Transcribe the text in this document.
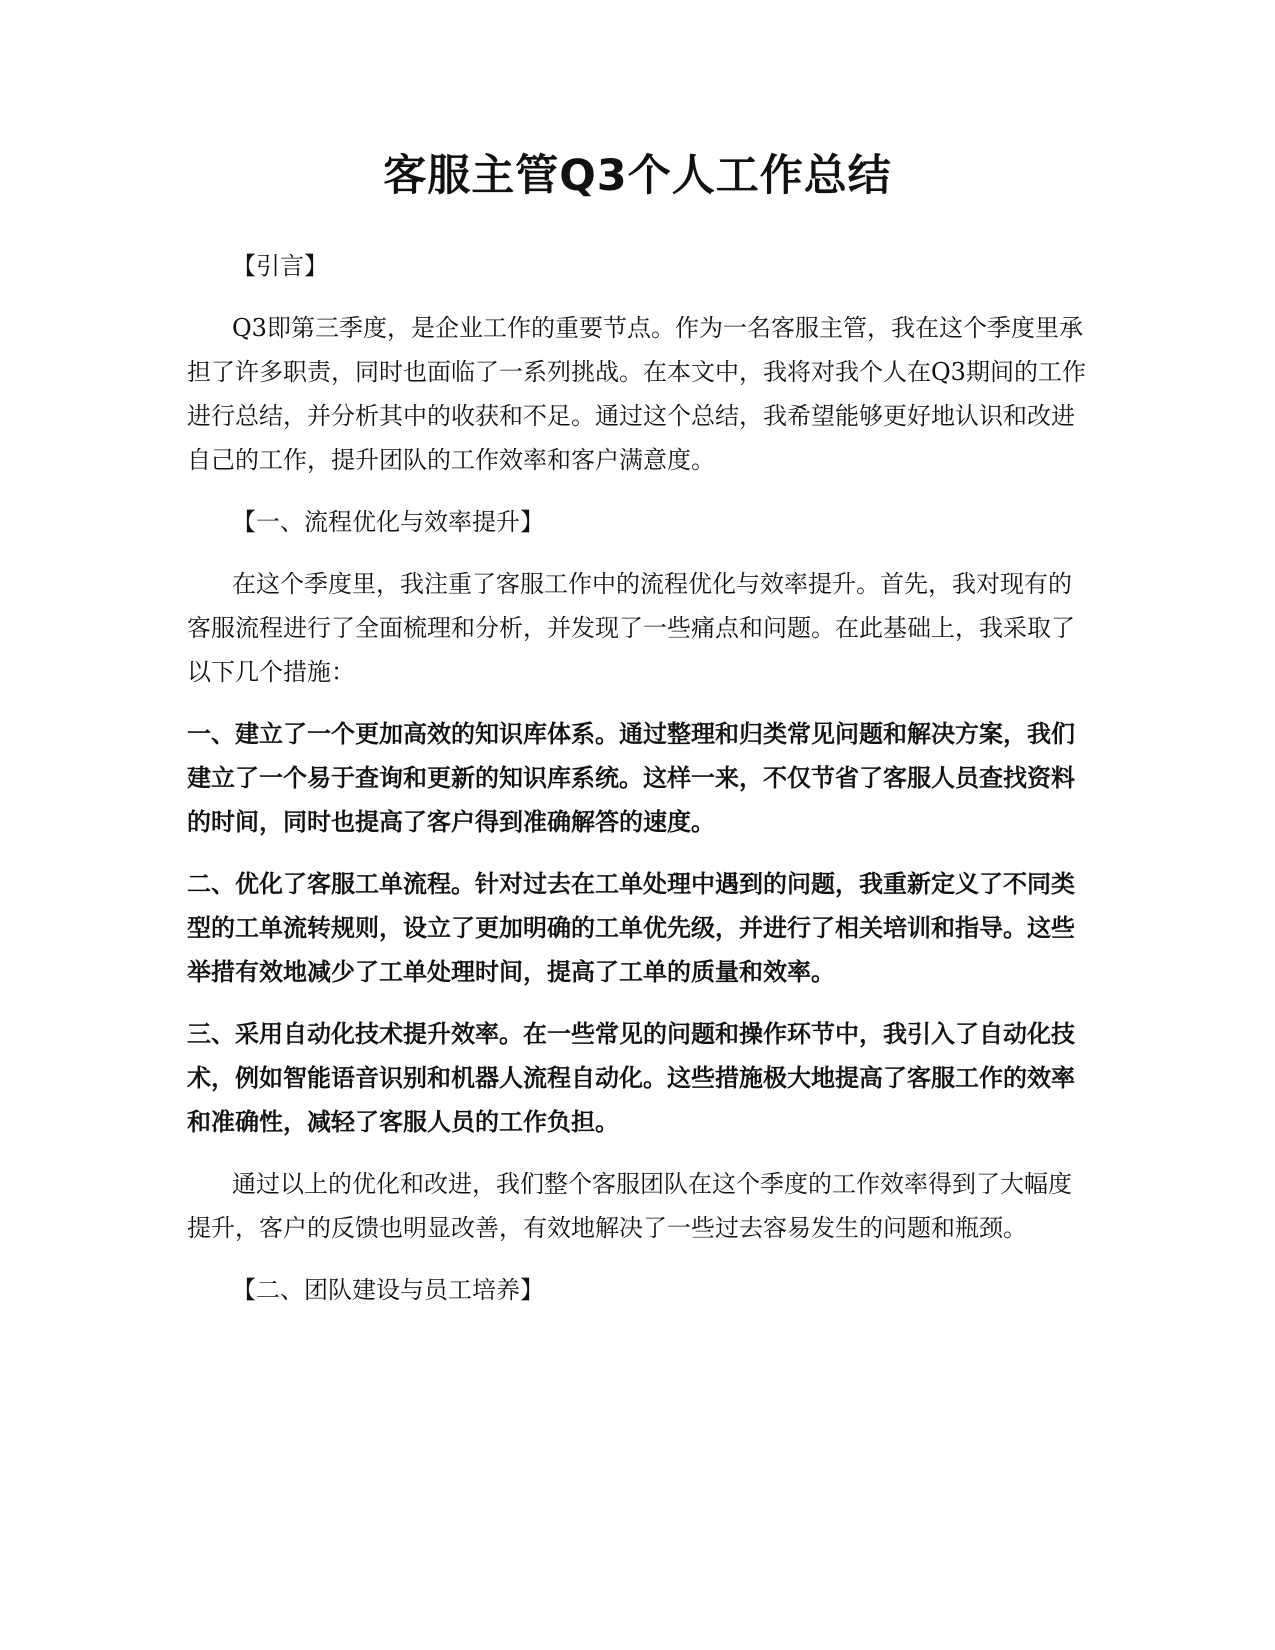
客服主管Q3个人工作总结

【引言】

Q3即第三季度，是企业工作的重要节点。作为一名客服主管，我在这个季度里承担了许多职责，同时也面临了一系列挑战。在本文中，我将对我个人在Q3期间的工作进行总结，并分析其中的收获和不足。通过这个总结，我希望能够更好地认识和改进自己的工作，提升团队的工作效率和客户满意度。

【一、流程优化与效率提升】

在这个季度里，我注重了客服工作中的流程优化与效率提升。首先，我对现有的客服流程进行了全面梳理和分析，并发现了一些痛点和问题。在此基础上，我采取了以下几个措施：

一、建立了一个更加高效的知识库体系。通过整理和归类常见问题和解决方案，我们建立了一个易于查询和更新的知识库系统。这样一来，不仅节省了客服人员查找资料的时间，同时也提高了客户得到准确解答的速度。

二、优化了客服工单流程。针对过去在工单处理中遇到的问题，我重新定义了不同类型的工单流转规则，设立了更加明确的工单优先级，并进行了相关培训和指导。这些举措有效地减少了工单处理时间，提高了工单的质量和效率。

三、采用自动化技术提升效率。在一些常见的问题和操作环节中，我引入了自动化技术，例如智能语音识别和机器人流程自动化。这些措施极大地提高了客服工作的效率和准确性，减轻了客服人员的工作负担。

通过以上的优化和改进，我们整个客服团队在这个季度的工作效率得到了大幅度提升，客户的反馈也明显改善，有效地解决了一些过去容易发生的问题和瓶颈。

【二、团队建设与员工培养】
